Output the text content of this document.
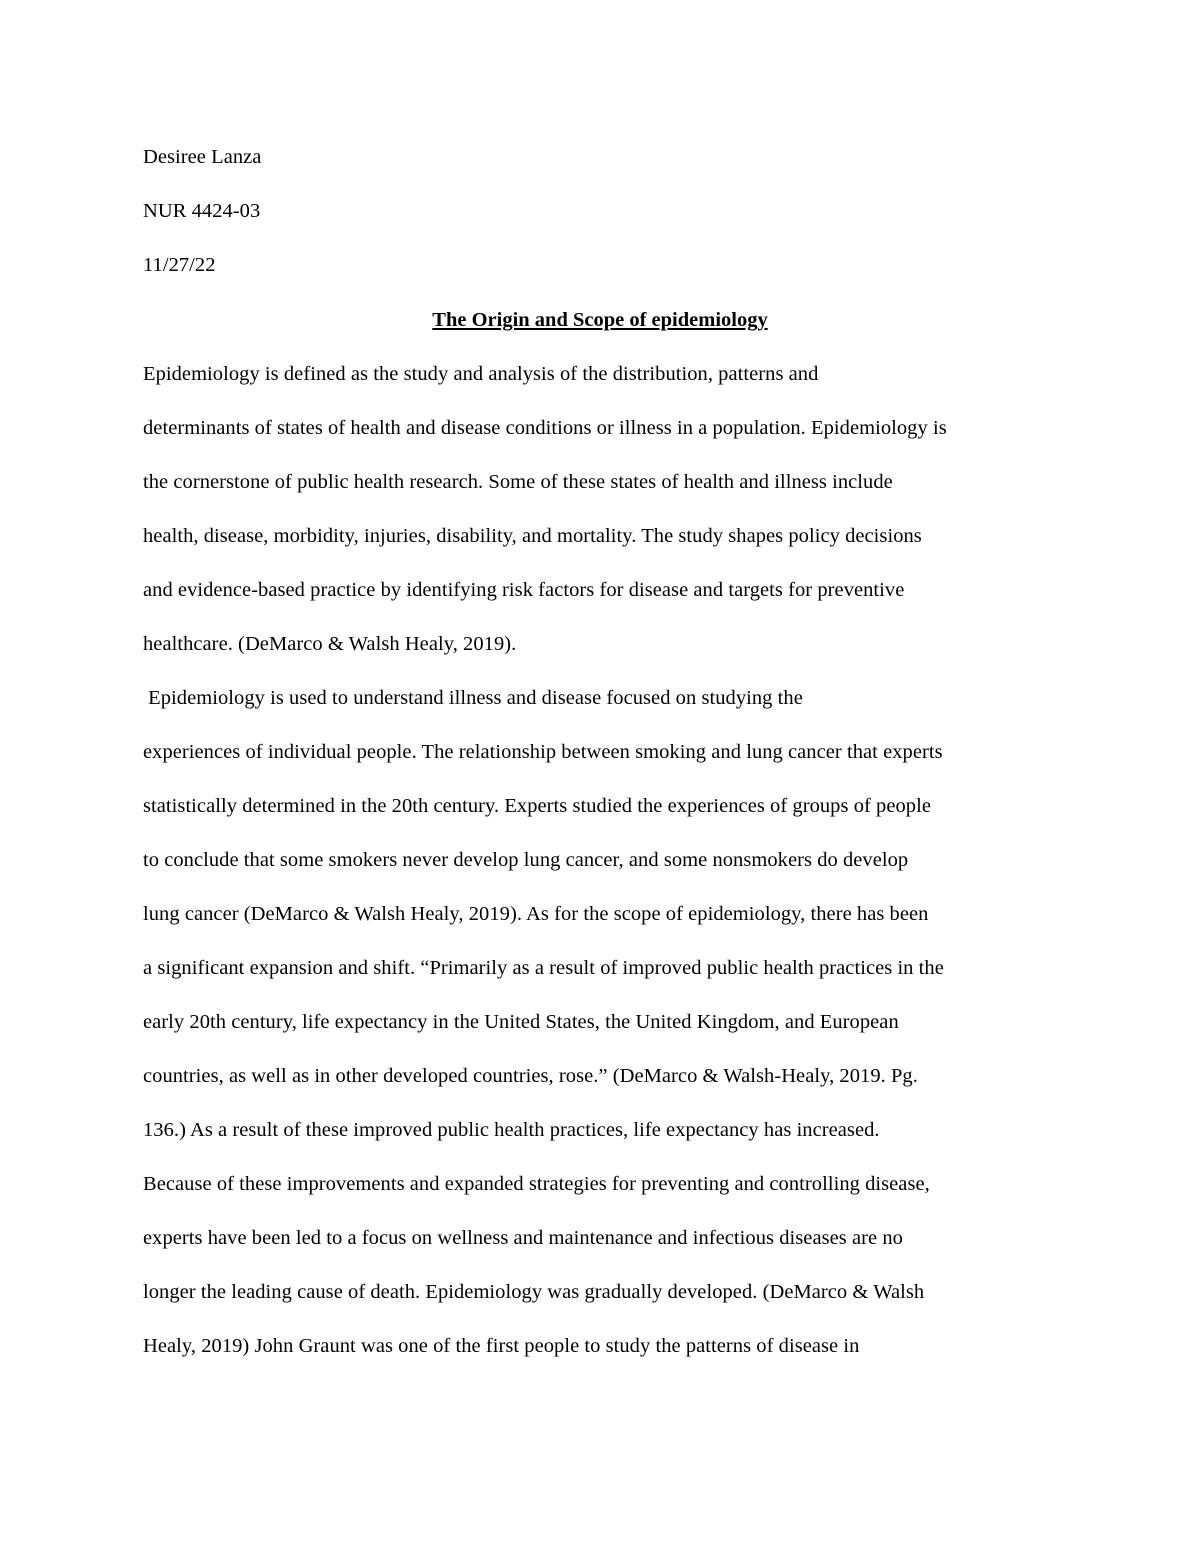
Desiree Lanza
NUR 4424-03
11/27/22
The Origin and Scope of epidemiology
Epidemiology is defined as the study and analysis of the distribution, patterns and
determinants of states of health and disease conditions or illness in a population. Epidemiology is
the cornerstone of public health research. Some of these states of health and illness include
health, disease, morbidity, injuries, disability, and mortality. The study shapes policy decisions
and evidence-based practice by identifying risk factors for disease and targets for preventive
healthcare. (DeMarco & Walsh Healy, 2019).
Epidemiology is used to understand illness and disease focused on studying the
experiences of individual people. The relationship between smoking and lung cancer that experts
statistically determined in the 20th century. Experts studied the experiences of groups of people
to conclude that some smokers never develop lung cancer, and some nonsmokers do develop
lung cancer (DeMarco & Walsh Healy, 2019). As for the scope of epidemiology, there has been
a significant expansion and shift. “Primarily as a result of improved public health practices in the
early 20th century, life expectancy in the United States, the United Kingdom, and European
countries, as well as in other developed countries, rose.” (DeMarco & Walsh-Healy, 2019. Pg.
136.) As a result of these improved public health practices, life expectancy has increased.
Because of these improvements and expanded strategies for preventing and controlling disease,
experts have been led to a focus on wellness and maintenance and infectious diseases are no
longer the leading cause of death. Epidemiology was gradually developed. (DeMarco & Walsh
Healy, 2019) John Graunt was one of the first people to study the patterns of disease in
